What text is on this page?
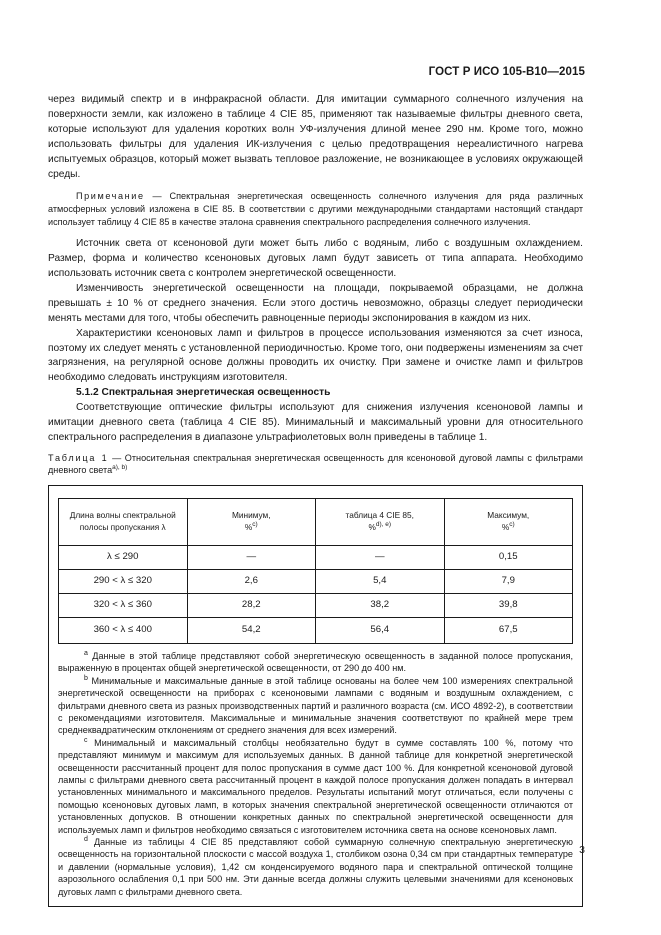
ГОСТ Р ИСО 105-B10—2015

через видимый спектр и в инфракрасной области. Для имитации суммарного солнечного излучения на поверхности земли, как изложено в таблице 4 CIE 85, применяют так называемые фильтры дневного света, которые используют для удаления коротких волн УФ-излучения длиной менее 290 нм. Кроме того, можно использовать фильтры для удаления ИК-излучения с целью предотвращения нереалистичного нагрева испытуемых образцов, который может вызвать тепловое разложение, не возникающее в условиях окружающей среды.

Примечание — Спектральная энергетическая освещенность солнечного излучения для ряда различных атмосферных условий изложена в CIE 85. В соответствии с другими международными стандартами настоящий стандарт использует таблицу 4 CIE 85 в качестве эталона сравнения спектрального распределения солнечного излучения.

Источник света от ксеноновой дуги может быть либо с водяным, либо с воздушным охлаждением. Размер, форма и количество ксеноновых дуговых ламп будут зависеть от типа аппарата. Необходимо использовать источник света с контролем энергетической освещенности.

Изменчивость энергетической освещенности на площади, покрываемой образцами, не должна превышать ± 10 % от среднего значения. Если этого достичь невозможно, образцы следует периодически менять местами для того, чтобы обеспечить равноценные периоды экспонирования в каждом из них.

Характеристики ксеноновых ламп и фильтров в процессе использования изменяются за счет износа, поэтому их следует менять с установленной периодичностью. Кроме того, они подвержены изменениям за счет загрязнения, на регулярной основе должны проводить их очистку. При замене и очистке ламп и фильтров необходимо следовать инструкциям изготовителя.

5.1.2 Спектральная энергетическая освещенность

Соответствующие оптические фильтры используют для снижения излучения ксеноновой лампы и имитации дневного света (таблица 4 CIE 85). Минимальный и максимальный уровни для относительного спектрального распределения в диапазоне ультрафиолетовых волн приведены в таблице 1.

Таблица 1 — Относительная спектральная энергетическая освещенность для ксеноновой дуговой лампы с фильтрами дневного света$^{a), b)}$

Длина волны спектральной
полосы пропускания λ	Минимум,
%$^{c)}$	таблица 4 CIE 85,
%$^{d), e)}$	Максимум,
%$^{c)}$
λ ≤ 290	—	—	0,15
290 < λ ≤ 320	2,6	5,4	7,9
320 < λ ≤ 360	28,2	38,2	39,8
360 < λ ≤ 400	54,2	56,4	67,5

$^a$ Данные в этой таблице представляют собой энергетическую освещенность в заданной полосе пропускания, выраженную в процентах общей энергетической освещенности, от 290 до 400 нм.

$^b$ Минимальные и максимальные данные в этой таблице основаны на более чем 100 измерениях спектральной энергетической освещенности на приборах с ксеноновыми лампами с водяным и воздушным охлаждением, с фильтрами дневного света из разных производственных партий и различного возраста (см. ИСО 4892-2), в соответствии с рекомендациями изготовителя. Максимальные и минимальные значения соответствуют по крайней мере трем среднеквадратическим отклонениям от среднего значения для всех измерений.

$^c$ Минимальный и максимальный столбцы необязательно будут в сумме составлять 100 %, потому что представляют минимум и максимум для используемых данных. В данной таблице для конкретной энергетической освещенности рассчитанный процент для полос пропускания в сумме даст 100 %. Для конкретной ксеноновой дуговой лампы с фильтрами дневного света рассчитанный процент в каждой полосе пропускания должен попадать в интервал установленных минимального и максимального пределов. Результаты испытаний могут отличаться, если получены с помощью ксеноновых дуговых ламп, в которых значения спектральной энергетической освещенности отличаются от установленных допусков. В отношении конкретных данных по спектральной энергетической освещенности для используемых ламп и фильтров необходимо связаться с изготовителем источника света на основе ксеноновых ламп.

$^d$ Данные из таблицы 4 CIE 85 представляют собой суммарную солнечную спектральную энергетическую освещенность на горизонтальной плоскости с массой воздуха 1, столбиком озона 0,34 см при стандартных температуре и давлении (нормальные условия), 1,42 см конденсируемого водяного пара и спектральной оптической толщине аэрозольного ослабления 0,1 при 500 нм. Эти данные всегда должны служить целевыми значениями для ксеноновых дуговых ламп с фильтрами дневного света.

3
